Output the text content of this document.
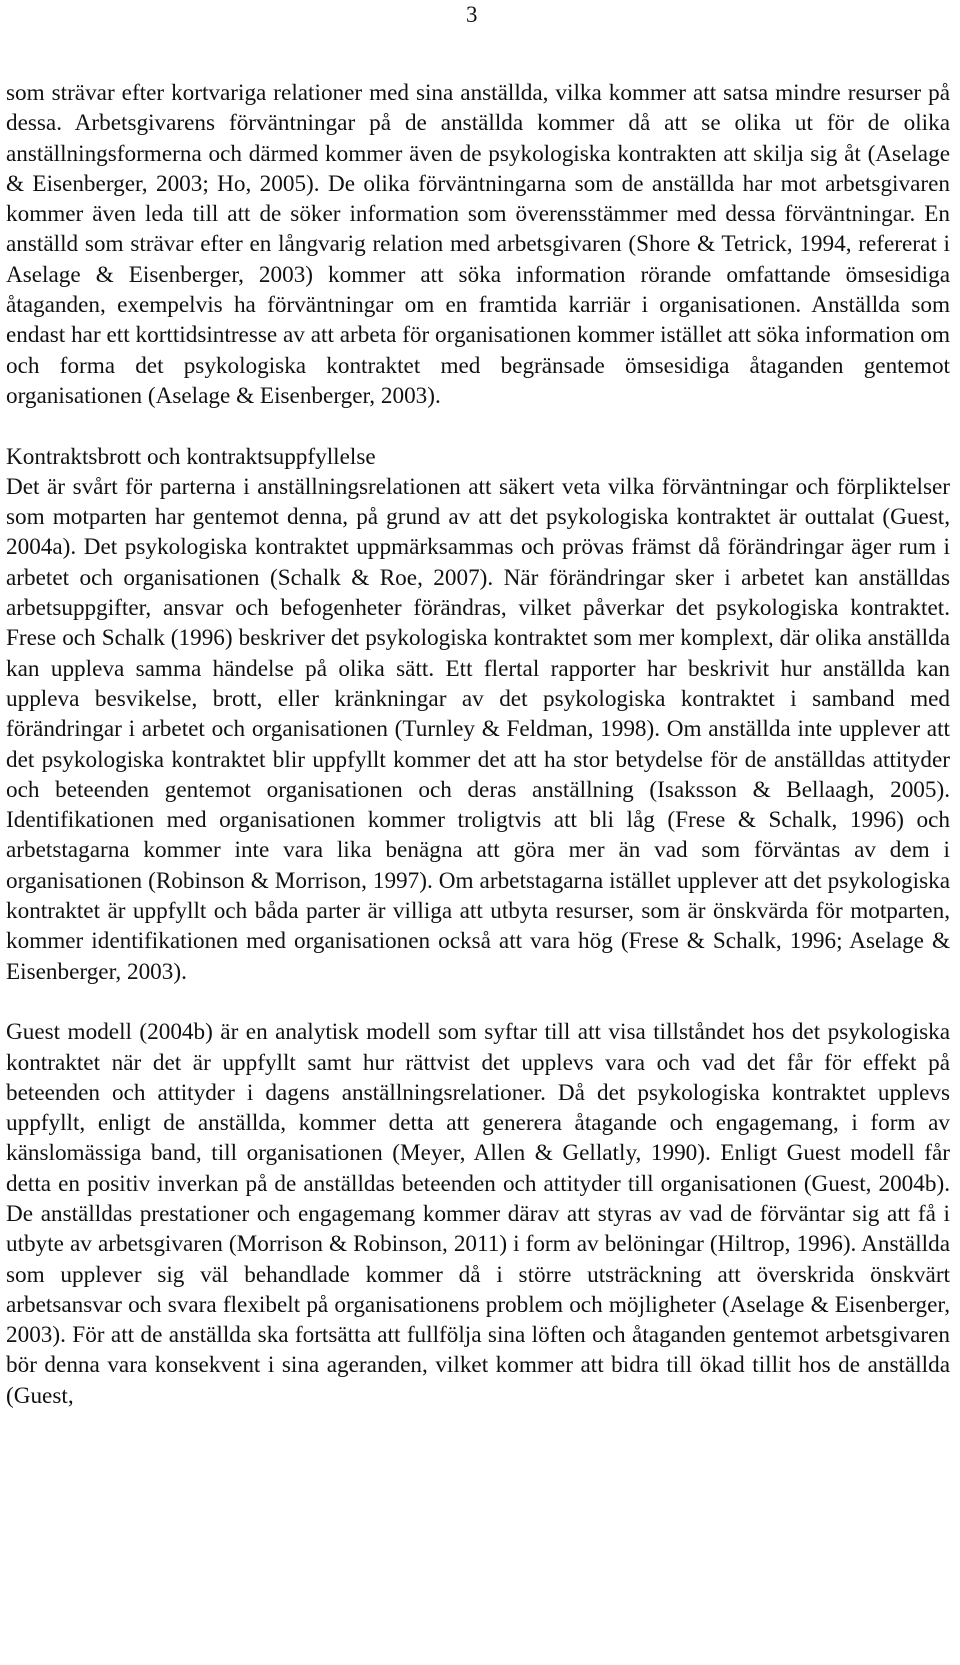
3

som strävar efter kortvariga relationer med sina anställda, vilka kommer att satsa mindre resurser på dessa. Arbetsgivarens förväntningar på de anställda kommer då att se olika ut för de olika anställningsformerna och därmed kommer även de psykologiska kontrakten att skilja sig åt (Aselage & Eisenberger, 2003; Ho, 2005). De olika förväntningarna som de anställda har mot arbetsgivaren kommer även leda till att de söker information som överensstämmer med dessa förväntningar. En anställd som strävar efter en långvarig relation med arbetsgivaren (Shore & Tetrick, 1994, refererat i Aselage & Eisenberger, 2003) kommer att söka information rörande omfattande ömsesidiga åtaganden, exempelvis ha förväntningar om en framtida karriär i organisationen. Anställda som endast har ett korttidsintresse av att arbeta för organisationen kommer istället att söka information om och forma det psykologiska kontraktet med begränsade ömsesidiga åtaganden gentemot organisationen (Aselage & Eisenberger, 2003).

Kontraktsbrott och kontraktsuppfyllelse

Det är svårt för parterna i anställningsrelationen att säkert veta vilka förväntningar och förpliktelser som motparten har gentemot denna, på grund av att det psykologiska kontraktet är outtalat (Guest, 2004a). Det psykologiska kontraktet uppmärksammas och prövas främst då förändringar äger rum i arbetet och organisationen (Schalk & Roe, 2007). När förändringar sker i arbetet kan anställdas arbetsuppgifter, ansvar och befogenheter förändras, vilket påverkar det psykologiska kontraktet. Frese och Schalk (1996) beskriver det psykologiska kontraktet som mer komplext, där olika anställda kan uppleva samma händelse på olika sätt. Ett flertal rapporter har beskrivit hur anställda kan uppleva besvikelse, brott, eller kränkningar av det psykologiska kontraktet i samband med förändringar i arbetet och organisationen (Turnley & Feldman, 1998). Om anställda inte upplever att det psykologiska kontraktet blir uppfyllt kommer det att ha stor betydelse för de anställdas attityder och beteenden gentemot organisationen och deras anställning (Isaksson & Bellaagh, 2005). Identifikationen med organisationen kommer troligtvis att bli låg (Frese & Schalk, 1996) och arbetstagarna kommer inte vara lika benägna att göra mer än vad som förväntas av dem i organisationen (Robinson & Morrison, 1997). Om arbetstagarna istället upplever att det psykologiska kontraktet är uppfyllt och båda parter är villiga att utbyta resurser, som är önskvärda för motparten, kommer identifikationen med organisationen också att vara hög (Frese & Schalk, 1996; Aselage & Eisenberger, 2003).

Guest modell (2004b) är en analytisk modell som syftar till att visa tillståndet hos det psykologiska kontraktet när det är uppfyllt samt hur rättvist det upplevs vara och vad det får för effekt på beteenden och attityder i dagens anställningsrelationer. Då det psykologiska kontraktet upplevs uppfyllt, enligt de anställda, kommer detta att generera åtagande och engagemang, i form av känslomässiga band, till organisationen (Meyer, Allen & Gellatly, 1990). Enligt Guest modell får detta en positiv inverkan på de anställdas beteenden och attityder till organisationen (Guest, 2004b). De anställdas prestationer och engagemang kommer därav att styras av vad de förväntar sig att få i utbyte av arbetsgivaren (Morrison & Robinson, 2011) i form av belöningar (Hiltrop, 1996). Anställda som upplever sig väl behandlade kommer då i större utsträckning att överskrida önskvärt arbetsansvar och svara flexibelt på organisationens problem och möjligheter (Aselage & Eisenberger, 2003). För att de anställda ska fortsätta att fullfölja sina löften och åtaganden gentemot arbetsgivaren bör denna vara konsekvent i sina ageranden, vilket kommer att bidra till ökad tillit hos de anställda (Guest,
